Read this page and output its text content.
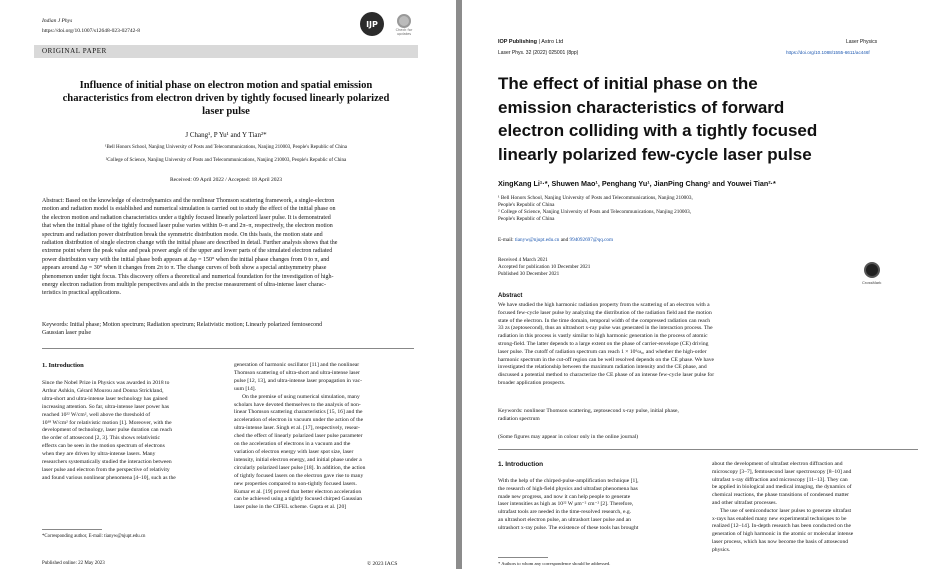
Indian J Phys
https://doi.org/10.1007/s12648-023-02742-8
IJP
Check for updates
ORIGINAL PAPER
Influence of initial phase on electron motion and spatial emission
characteristics from electron driven by tightly focused linearly polarized
laser pulse
J Chang¹, P Yu¹ and Y Tian²*
¹Bell Honors School, Nanjing University of Posts and Telecommunications, Nanjing 210003, People's Republic of China
²College of Science, Nanjing University of Posts and Telecommunications, Nanjing 210003, People's Republic of China
Received: 09 April 2022 / Accepted: 18 April 2023
Abstract: Based on the knowledge of electrodynamics and the nonlinear Thomson scattering framework, a single-electron
motion and radiation model is established and numerical simulation is carried out to study the effect of the initial phase on
the electron motion and radiation characteristics under a tightly focused linearly polarized laser pulse. It is demonstrated
that when the initial phase of the tightly focused laser pulse varies within 0–π and 2π–π, respectively, the electron motion
spectrum and radiation power distribution break the symmetric distribution mode. On this basis, the motion state and
radiation distribution of single electron change with the initial phase are described in detail. Further analysis shows that the
extreme point where the peak value and peak power angle of the upper and lower parts of the simulated electron radiated
power distribution vary with the initial phase both appears at Δφ = 150° when the initial phase changes from 0 to π, and
appears around Δφ = 30° when it changes from 2π to π. The change curves of both show a special antisymmetry phase
phenomenon under tight focus. This discovery offers a theoretical and numerical foundation for the investigation of high-
energy electron radiation from multiple perspectives and aids in the precise measurement of ultra-intense laser charac-
teristics in practical applications.
Keywords: Initial phase; Motion spectrum; Radiation spectrum; Relativistic motion; Linearly polarized femtosecond
Gaussian laser pulse
1. Introduction
Since the Nobel Prize in Physics was awarded in 2018 to
Arthur Ashkin, Gérard Mourou and Donna Strickland,
ultra-short and ultra-intense laser technology has gained
increasing attention. So far, ultra-intense laser power has
reached 10²² W/cm², well above the threshold of
10¹⁸ W/cm² for relativistic motion [1]. Moreover, with the
development of technology, laser pulse duration can reach
the order of attosecond [2, 3]. This shows relativistic
effects can be seen in the motion spectrum of electrons
when they are driven by ultra-intense lasers. Many
researchers systematically studied the interaction between
laser pulse and electron from the perspective of relativity
and found various nonlinear phenomena [4–10], such as the
generation of harmonic oscillator [11] and the nonlinear
Thomson scattering of ultra-short and ultra-intense laser
pulse [12, 13], and ultra-intense laser propagation in vac-
uum [14].
On the premise of using numerical simulation, many
scholars have devoted themselves to the analysis of non-
linear Thomson scattering characteristics [15, 16] and the
acceleration of electron in vacuum under the action of the
ultra-intense laser. Singh et al. [17], respectively, resear-
ched the effect of linearly polarized laser pulse parameter
on the acceleration of electrons in a vacuum and the
variation of electron energy with laser spot size, laser
intensity, initial electron energy, and initial phase under a
circularly polarized laser pulse [18]. In addition, the action
of tightly focused lasers on the electron gave rise to many
new properties compared to non-tightly focused lasers.
Kumar et al. [19] proved that better electron acceleration
can be achieved using a tightly focused chirped Gaussian
laser pulse in the CIFEL scheme. Gupta et al. [20]
*Corresponding author, E-mail: tianyw@njupt.edu.cn
Published online: 22 May 2023	© 2023 IACS
IOP Publishing | Astro Ltd	Laser Physics
Laser Phys. 32 (2022) 025001 (8pp)	https://doi.org/10.1088/1555-6611/ac446f
The effect of initial phase on the
emission characteristics of forward
electron colliding with a tightly focused
linearly polarized few-cycle laser pulse
XingKang Li¹·*, Shuwen Mao¹, Penghang Yu¹, JianPing Chang¹ and Youwei Tian²·*
¹ Bell Honors School, Nanjing University of Posts and Telecommunications, Nanjing 210003,
People's Republic of China
² College of Science, Nanjing University of Posts and Telecommunications, Nanjing 210003,
People's Republic of China
E-mail: tianyw@njupt.edu.cn and 994092697@qq.com
Received 4 March 2021
Accepted for publication 10 December 2021
Published 30 December 2021
CrossMark
Abstract
We have studied the high harmonic radiation property from the scattering of an electron with a
focused few-cycle laser pulse by analyzing the distribution of the radiation field and the motion
state of the electron. In the time domain, temporal width of the compressed radiation can reach
33 zs (zeptosecond), thus an ultrashort x-ray pulse was generated in the interaction process. The
radiation in this process is vastly similar to high harmonic generation in the process of atomic
strong-field. The latter depends to a large extent on the phase of carrier-envelope (CE) driving
laser pulse. The cutoff of radiation spectrum can reach 1 × 10⁶ω₀, and whether the high-order
harmonic spectrum in the cut-off region can be well resolved depends on the CE phase. We have
investigated the relationship between the maximum radiation intensity and the CE phase, and
discussed a potential method to characterize the CE phase of an intense few-cycle laser pulse for
broader application prospects.
Keywords: nonlinear Thomson scattering, zeptosecond x-ray pulse, initial phase,
radiation spectrum
(Some figures may appear in colour only in the online journal)
1. Introduction
With the help of the chirped-pulse-amplification technique [1],
the research of high-field physics and ultrafast phenomena has
made new progress, and now it can help people to generate
laser intensities as high as 10²² W μm⁻² cm⁻² [2]. Therefore,
ultrafast tools are needed in the time-resolved research, e.g.
an ultrashort electron pulse, an ultrashort laser pulse and an
ultrashort x-ray pulse. The existence of these tools has brought
about the development of ultrafast electron diffraction and
microscopy [3–7], femtosecond laser spectroscopy [8–10] and
ultrafast x-ray diffraction and microscopy [11–13]. They can
be applied in biological and medical imaging, the dynamics of
chemical reactions, the phase transitions of condensed matter
and other ultrafast processes.
The use of semiconductor laser pulses to generate ultrafast
x-rays has enabled many new experimental techniques to be
realized [12–14]. In-depth research has been conducted on the
generation of high harmonic in the atomic or molecular intense
laser process, which has now become the basis of attosecond
physics.
* Authors to whom any correspondence should be addressed.
